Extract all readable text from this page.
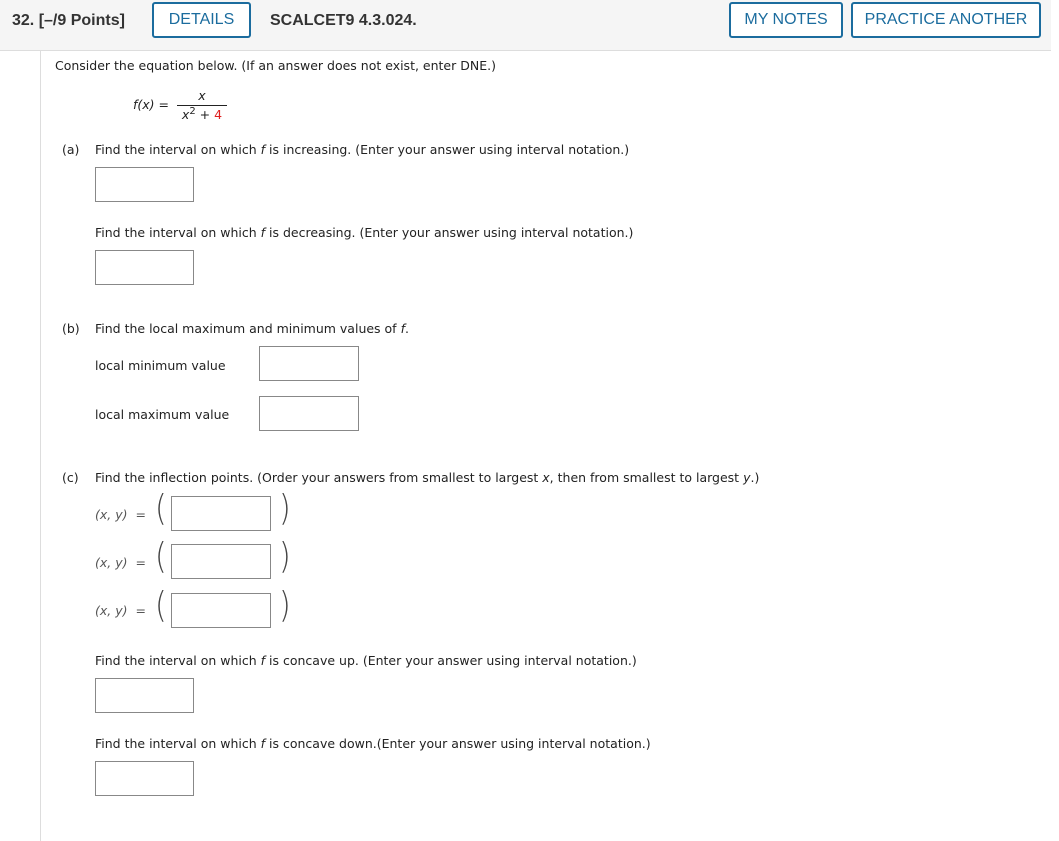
32. [–/9 Points]	DETAILS	SCALCET9 4.3.024.	MY NOTES	PRACTICE ANOTHER
Consider the equation below. (If an answer does not exist, enter DNE.)
f(x) =
x
$x^2 + 4$
(a) Find the interval on which f is increasing. (Enter your answer using interval notation.)
Find the interval on which f is decreasing. (Enter your answer using interval notation.)
(b) Find the local maximum and minimum values of f.
local minimum value
local maximum value
(c) Find the inflection points. (Order your answers from smallest to largest x, then from smallest to largest y.)
(x, y) = (	)
(x, y) = (	)
(x, y) = (	)
Find the interval on which f is concave up. (Enter your answer using interval notation.)
Find the interval on which f is concave down.(Enter your answer using interval notation.)
